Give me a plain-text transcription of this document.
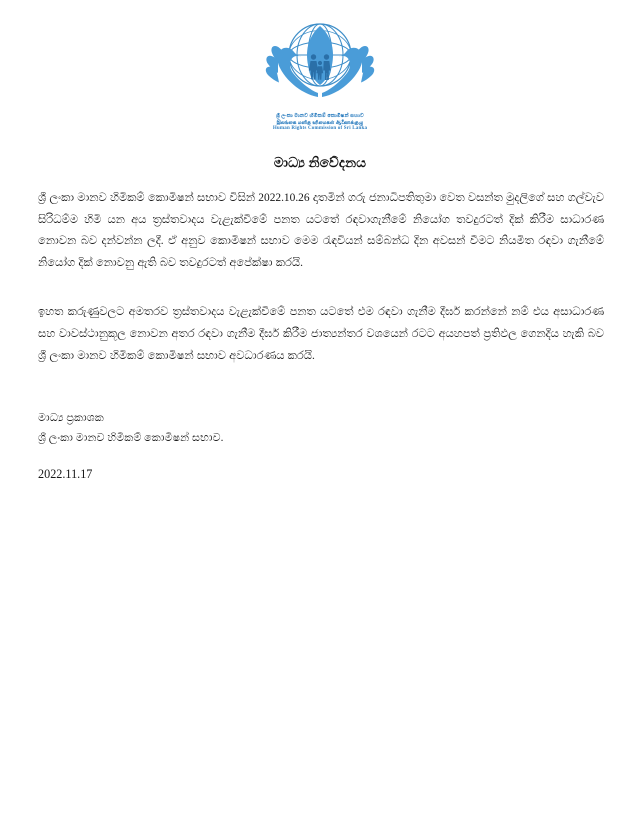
ශ්‍රී ලංකා මානව හිමිකම් කොමිෂන් සභාව
இலங்கை மனித உரிமைகள் ஆணைக்குழு
Human Rights Commission of Sri Lanka
මාධ්‍ය නිවේදනය

ශ්‍රී ලංකා මානව හිමිකම් කොමිෂන් සභාව විසින් 2022.10.26 දාතමින් ගරු ජනාධිපතිතුමා වෙත වසන්ත මුදලිගේ සහ ගල්වැව සිරිධම්ම හිමි යන අය ත්‍රස්තවාදය වැළැක්වීමේ පනත යටතේ රඳවාගැනීමේ නියෝග තවදුරටත් දික් කිරීම සාධාරණ නොවන බව දන්වන්න ලදී. ඒ අනුව කොමිෂන් සභාව මෙම රැඳවියන් සම්බන්ධ දින අවසන් වීමට නියමිත රඳවා ගැනීමේ නියෝග දික් නොවනු ඇති බව තවදුරටත් අපේක්ෂා කරයි.

ඉහත කරුණුවලට අමතරව ත්‍රස්තවාදය වැළැක්වීමේ පනත යටතේ එම රඳවා ගැනීම දීර්ඝ කරන්නේ නම් එය අසාධාරණ සහ වාවස්ථානුකූල නොවන අතර රඳවා ගැනීම දීර්ඝ කිරීම ජාත්‍යන්තර වශයෙන් රටට අයහපත් ප්‍රතිඵල ගෙනදිය හැකි බව ශ්‍රී ලංකා මානව හිමිකම් කොමිෂන් සභාව අවධාරණය කරයි.

මාධ්‍ය ප්‍රකාශක
ශ්‍රී ලංකා මානව හිමිකම් කොමිෂන් සභාව.
2022.11.17
